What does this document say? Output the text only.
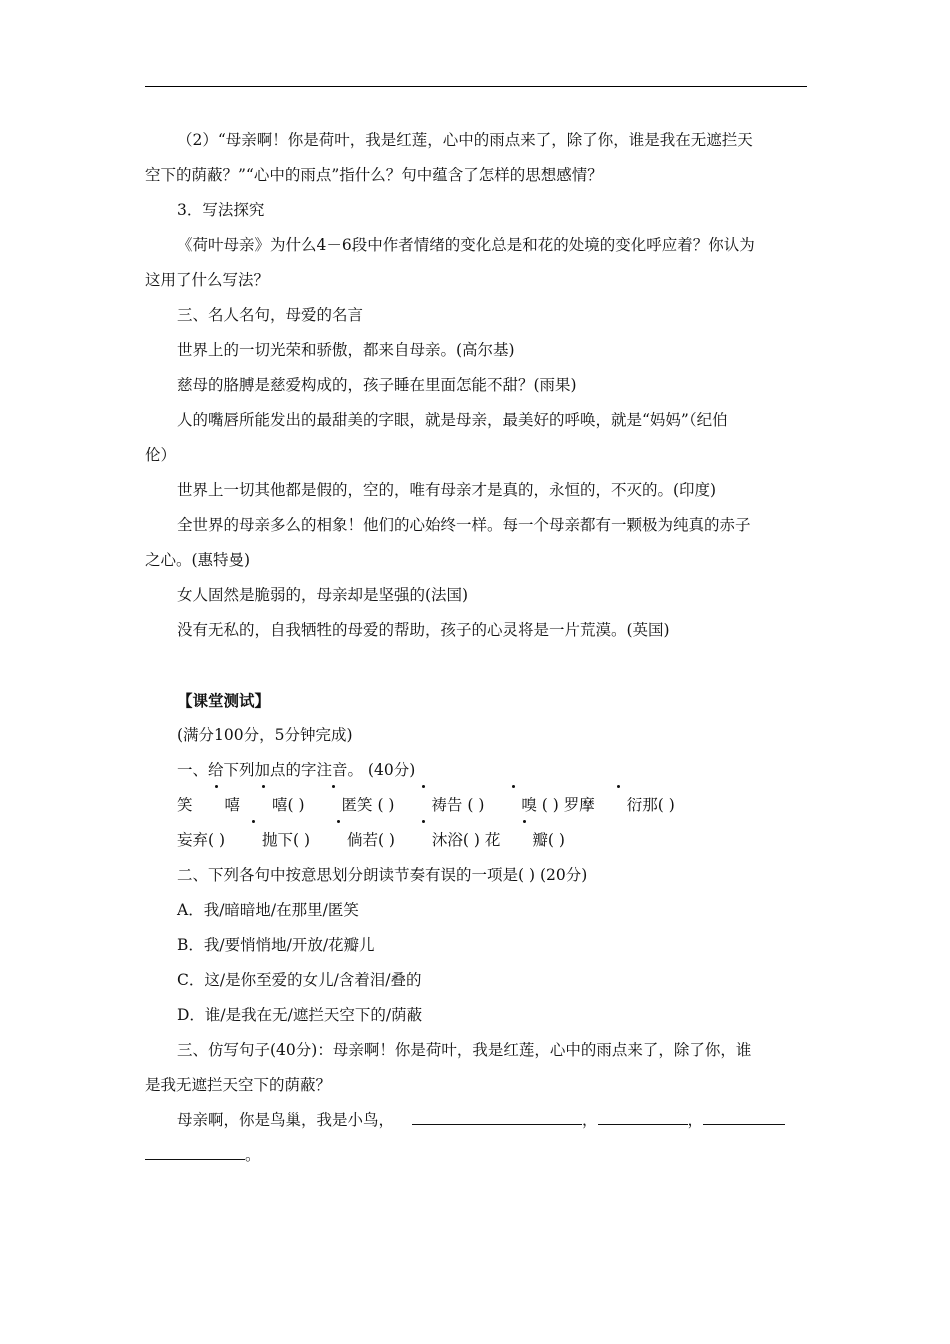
（2）“母亲啊！你是荷叶，我是红莲，心中的雨点来了，除了你，谁是我在无遮拦天

空下的荫蔽？”“心中的雨点”指什么？句中蕴含了怎样的思想感情？

3．写法探究

《荷叶母亲》为什么4－6段中作者情绪的变化总是和花的处境的变化呼应着？你认为

这用了什么写法？

三、名人名句，母爱的名言

世界上的一切光荣和骄傲，都来自母亲。(高尔基)

慈母的胳膊是慈爱构成的，孩子睡在里面怎能不甜？(雨果)

人的嘴唇所能发出的最甜美的字眼，就是母亲，最美好的呼唤，就是“妈妈”（纪伯

伦）

世界上一切其他都是假的，空的，唯有母亲才是真的，永恒的，不灭的。(印度)

全世界的母亲多么的相象！他们的心始终一样。每一个母亲都有一颗极为纯真的赤子

之心。(惠特曼)

女人固然是脆弱的，母亲却是坚强的(法国)

没有无私的，自我牺牲的母爱的帮助，孩子的心灵将是一片荒漠。(英国)

【课堂测试】

(满分100分，5分钟完成)

一、给下列加点的字注音。 (40分)

笑 嘻 嘻( ) 匿笑 ( ) 祷告 ( ) 嗅 ( ) 罗摩 衍那( )

妄弃( ) 抛下( ) 倘若( ) 沐浴( ) 花 瓣( )

二、下列各句中按意思划分朗读节奏有误的一项是( ) (20分)

A．我/暗暗地/在那里/匿笑

B．我/要悄悄地/开放/花瓣儿

C．这/是你至爱的女儿/含着泪/叠的

D．谁/是我在无/遮拦天空下的/荫蔽

三、仿写句子(40分)：母亲啊！你是荷叶，我是红莲，心中的雨点来了，除了你，谁

是我无遮拦天空下的荫蔽？

母亲啊，你是鸟巢，我是小鸟，	，	，

。
